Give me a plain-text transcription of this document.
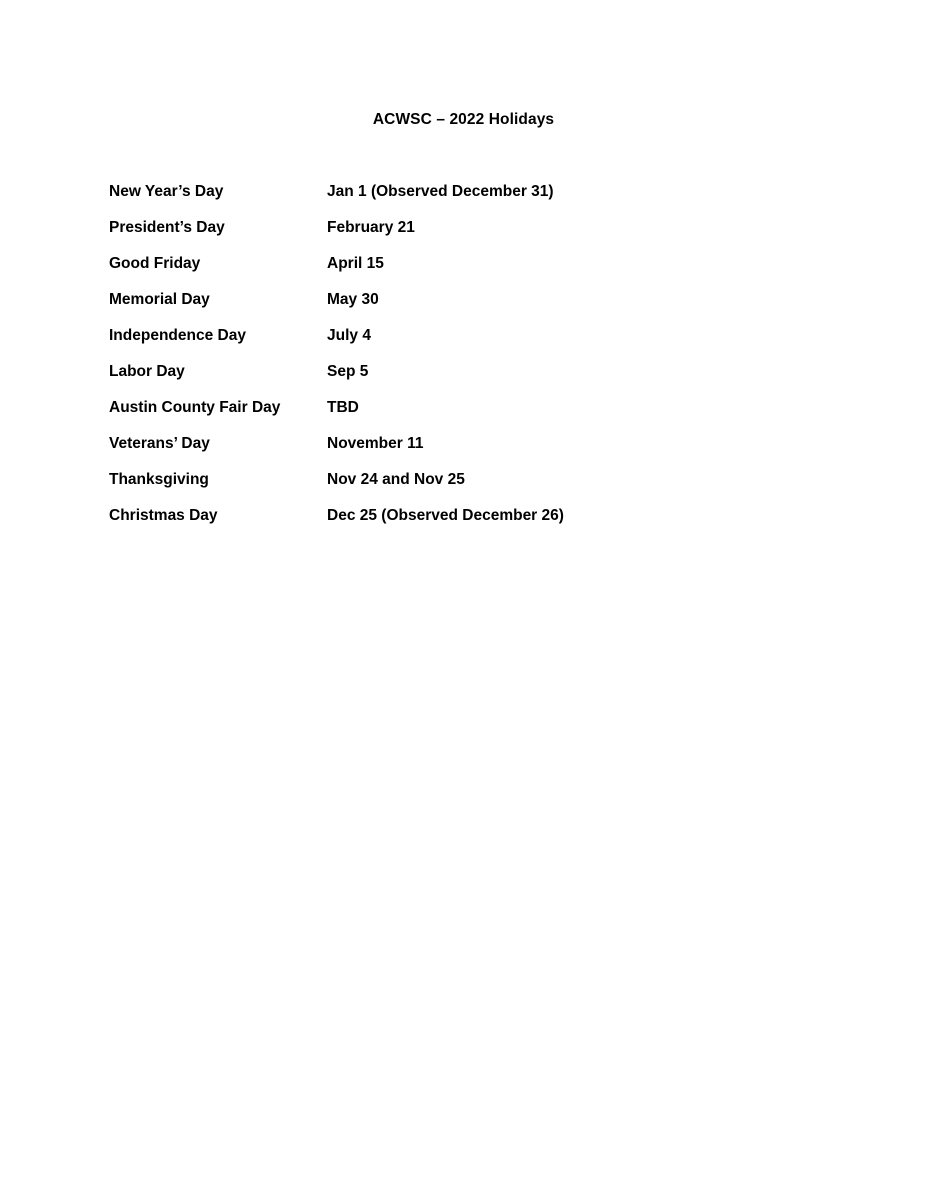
ACWSC – 2022 Holidays
New Year’s Day	Jan 1 (Observed December 31)
President’s Day	February 21
Good Friday	April 15
Memorial Day	May 30
Independence Day	July 4
Labor Day	Sep 5
Austin County Fair Day	TBD
Veterans’ Day	November 11
Thanksgiving	Nov 24 and Nov 25
Christmas Day	Dec 25 (Observed December 26)
